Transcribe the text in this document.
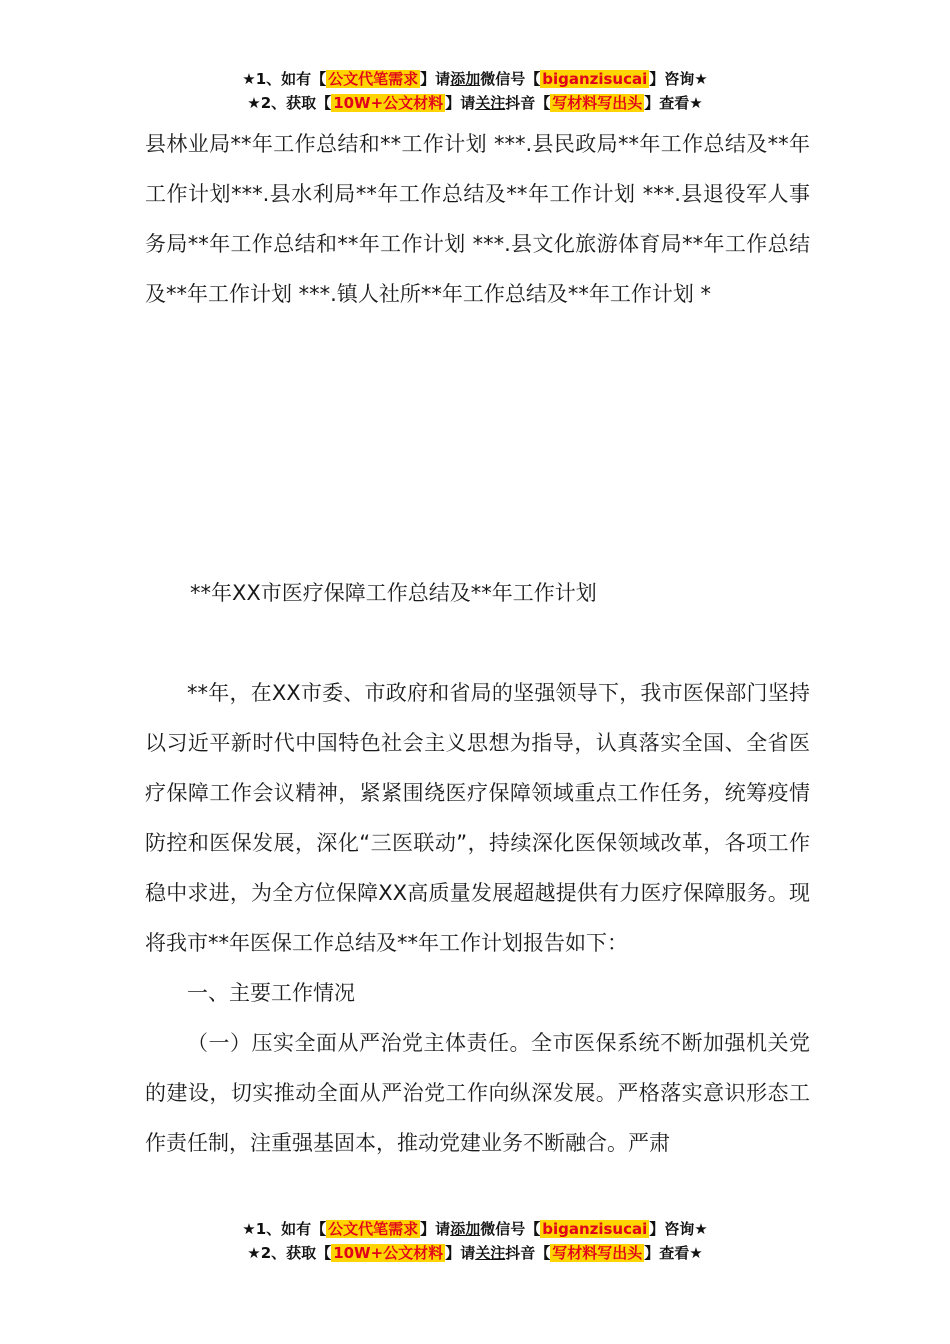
★1、如有【 公文代笔需求 】请添加微信号【 biganzisucai 】咨询★
★2、获取【 10W+公文材料 】请关注抖音【 写材料写出头 】查看★

县林业局**年工作总结和**工作计划 ***.县民政局**年工作总结及**年工作计划***.县水利局**年工作总结及**年工作计划 ***.县退役军人事务局**年工作总结和**年工作计划 ***.县文化旅游体育局**年工作总结及**年工作计划 ***.镇人社所**年工作总结及**年工作计划 *

**年XX市医疗保障工作总结及**年工作计划

**年，在XX市委、市政府和省局的坚强领导下，我市医保部门坚持以习近平新时代中国特色社会主义思想为指导，认真落实全国、全省医疗保障工作会议精神，紧紧围绕医疗保障领域重点工作任务，统筹疫情防控和医保发展，深化“三医联动”，持续深化医保领域改革，各项工作稳中求进，为全方位保障XX高质量发展超越提供有力医疗保障服务。现将我市**年医保工作总结及**年工作计划报告如下：

一、主要工作情况

（一）压实全面从严治党主体责任。全市医保系统不断加强机关党的建设，切实推动全面从严治党工作向纵深发展。严格落实意识形态工作责任制，注重强基固本，推动党建业务不断融合。严肃

★1、如有【 公文代笔需求 】请添加微信号【 biganzisucai 】咨询★
★2、获取【 10W+公文材料 】请关注抖音【 写材料写出头 】查看★
